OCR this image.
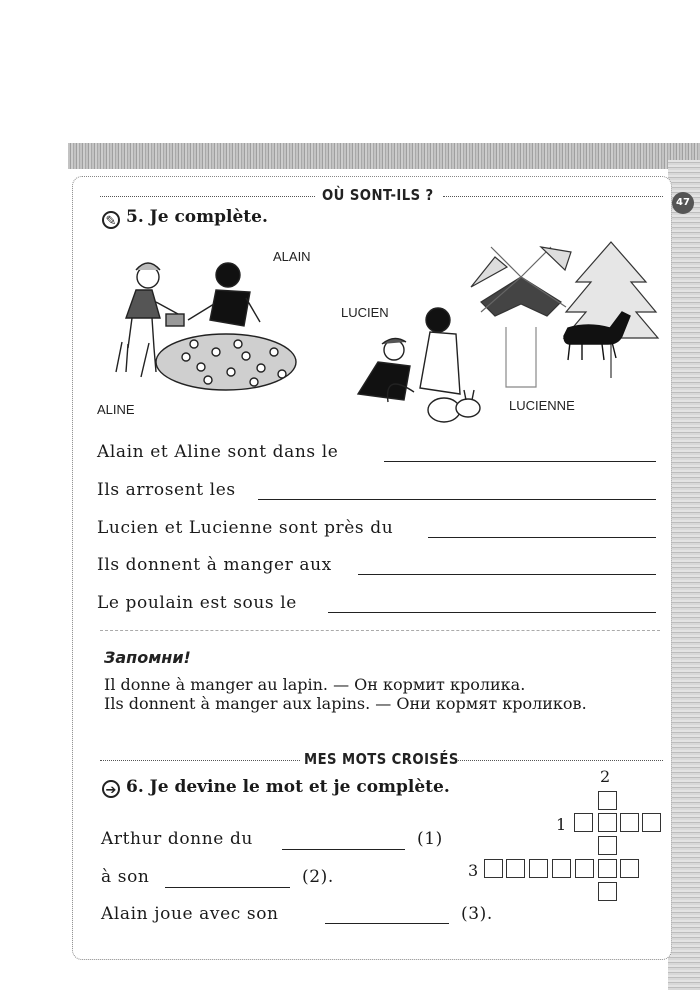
47
OÙ SONT-ILS ?
✎ 5. Je complète.
ALAIN
ALINE
LUCIEN
LUCIENNE
Alain et Aline sont dans le
Ils arrosent les
Lucien et Lucienne sont près du
Ils donnent à manger aux
Le poulain est sous le
Запомни!
Il donne à manger au lapin. — Он кормит кролика.
Ils donnent à manger aux lapins. — Они кормят кроликов.
MES MOTS CROISÉS
➔ 6. Je devine le mot et je complète.
Arthur donne du	(1)
à son	(2).
Alain joue avec son	(3).
2
1
3
